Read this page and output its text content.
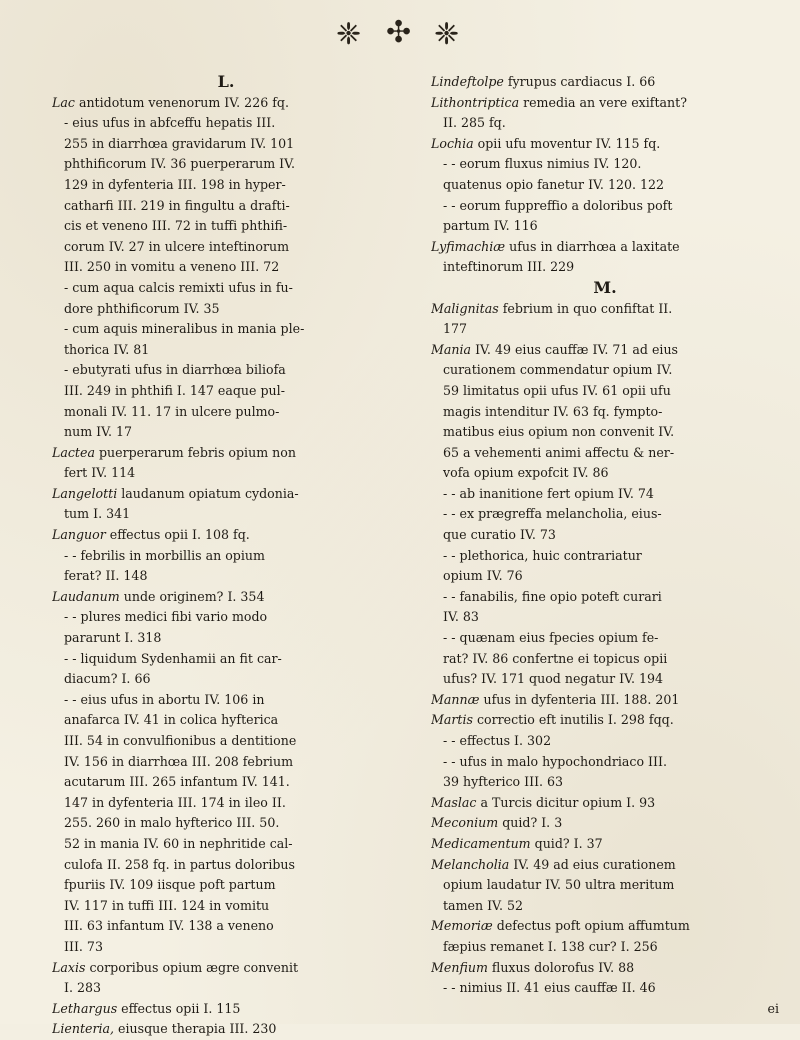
❈ ✣ ❈
L.
Lac antidotum venenorum IV. 226 fq.
- eius ufus in abfceffu hepatis III.
255 in diarrhœa gravidarum IV. 101
phthificorum IV. 36 puerperarum IV.
129 in dyfenteria III. 198 in hyper-
catharfi III. 219 in fingultu a drafti-
cis et veneno III. 72 in tuffi phthifi-
corum IV. 27 in ulcere inteftinorum
III. 250 in vomitu a veneno III. 72
- cum aqua calcis remixti ufus in fu-
dore phthificorum IV. 35
- cum aquis mineralibus in mania ple-
thorica IV. 81
- ebutyrati ufus in diarrhœa biliofa
III. 249 in phthifi I. 147 eaque pul-
monali IV. 11. 17 in ulcere pulmo-
num IV. 17
Lactea puerperarum febris opium non
fert IV. 114
Langelotti laudanum opiatum cydonia-
tum I. 341
Languor effectus opii I. 108 fq.
- - febrilis in morbillis an opium
ferat? II. 148
Laudanum unde originem? I. 354
- - plures medici fibi vario modo
pararunt I. 318
- - liquidum Sydenhamii an fit car-
diacum? I. 66
- - eius ufus in abortu IV. 106 in
anafarca IV. 41 in colica hyfterica
III. 54 in convulfionibus a dentitione
IV. 156 in diarrhœa III. 208 febrium
acutarum III. 265 infantum IV. 141.
147 in dyfenteria III. 174 in ileo II.
255. 260 in malo hyfterico III. 50.
52 in mania IV. 60 in nephritide cal-
culofa II. 258 fq. in partus doloribus
fpuriis IV. 109 iisque poft partum
IV. 117 in tuffi III. 124 in vomitu
III. 63 infantum IV. 138 a veneno
III. 73
Laxis corporibus opium ægre convenit
I. 283
Lethargus effectus opii I. 115
Lienteria, eiusque therapia III. 230
Lindeftolpe fyrupus cardiacus I. 66
Lithontriptica remedia an vere exiftant?
II. 285 fq.
Lochia opii ufu moventur IV. 115 fq.
- - eorum fluxus nimius IV. 120.
quatenus opio fanetur IV. 120. 122
- - eorum fuppreffio a doloribus poft
partum IV. 116
Lyfimachiæ ufus in diarrhœa a laxitate
inteftinorum III. 229
M.
Malignitas febrium in quo confiftat II.
177
Mania IV. 49 eius cauffæ IV. 71 ad eius
curationem commendatur opium IV.
59 limitatus opii ufus IV. 61 opii ufu
magis intenditur IV. 63 fq. fympto-
matibus eius opium non convenit IV.
65 a vehementi animi affectu & ner-
vofa opium expofcit IV. 86
- - ab inanitione fert opium IV. 74
- - ex prægreffa melancholia, eius-
que curatio IV. 73
- - plethorica, huic contrariatur
opium IV. 76
- - fanabilis, fine opio poteft curari
IV. 83
- - quænam eius fpecies opium fe-
rat? IV. 86 confertne ei topicus opii
ufus? IV. 171 quod negatur IV. 194
Mannæ ufus in dyfenteria III. 188. 201
Martis correctio eft inutilis I. 298 fqq.
- - effectus I. 302
- - ufus in malo hypochondriaco III.
39 hyfterico III. 63
Maslac a Turcis dicitur opium I. 93
Meconium quid? I. 3
Medicamentum quid? I. 37
Melancholia IV. 49 ad eius curationem
opium laudatur IV. 50 ultra meritum
tamen IV. 52
Memoriæ defectus poft opium affumtum
fæpius remanet I. 138 cur? I. 256
Menfium fluxus dolorofus IV. 88
- - nimius II. 41 eius cauffæ II. 46
ei
